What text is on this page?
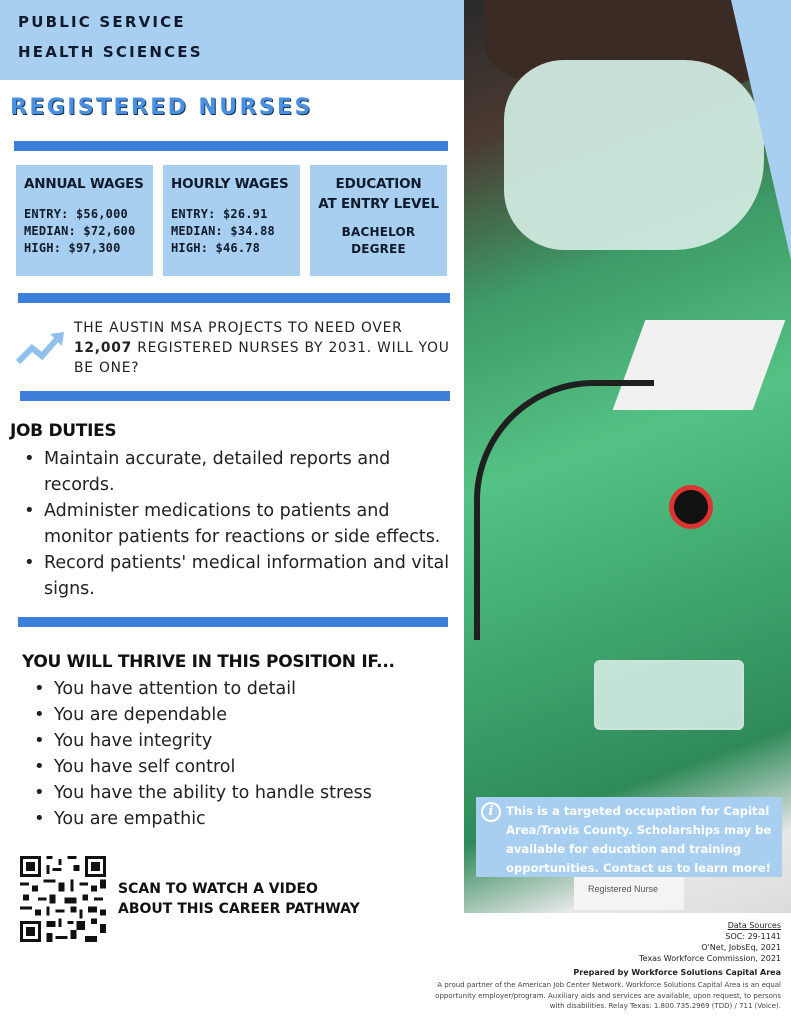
PUBLIC SERVICE
HEALTH SCIENCES
REGISTERED NURSES
ANNUAL WAGES
ENTRY: $56,000
MEDIAN: $72,600
HIGH: $97,300
HOURLY WAGES
ENTRY: $26.91
MEDIAN: $34.88
HIGH: $46.78
EDUCATION
AT ENTRY LEVEL
BACHELOR
DEGREE
THE AUSTIN MSA PROJECTS TO NEED OVER 12,007 REGISTERED NURSES BY 2031. WILL YOU BE ONE?
JOB DUTIES
• Maintain accurate, detailed reports and records.
• Administer medications to patients and monitor patients for reactions or side effects.
• Record patients' medical information and vital signs.
YOU WILL THRIVE IN THIS POSITION IF...
• You have attention to detail
• You are dependable
• You have integrity
• You have self control
• You have the ability to handle stress
• You are empathic
SCAN TO WATCH A VIDEO
ABOUT THIS CAREER PATHWAY
Registered Nurse
i	This is a targeted occupation for Capital Area/Travis County. Scholarships may be available for education and training opportunities. Contact us to learn more!
Data Sources
SOC: 29-1141
O'Net, JobsEq, 2021
Texas Workforce Commission, 2021
Prepared by Workforce Solutions Capital Area
A proud partner of the American Job Center Network. Workforce Solutions Capital Area is an equal opportunity employer/program. Auxiliary aids and services are available, upon request, to persons with disabilities. Relay Texas: 1.800.735.2969 (TDD) / 711 (Voice).
